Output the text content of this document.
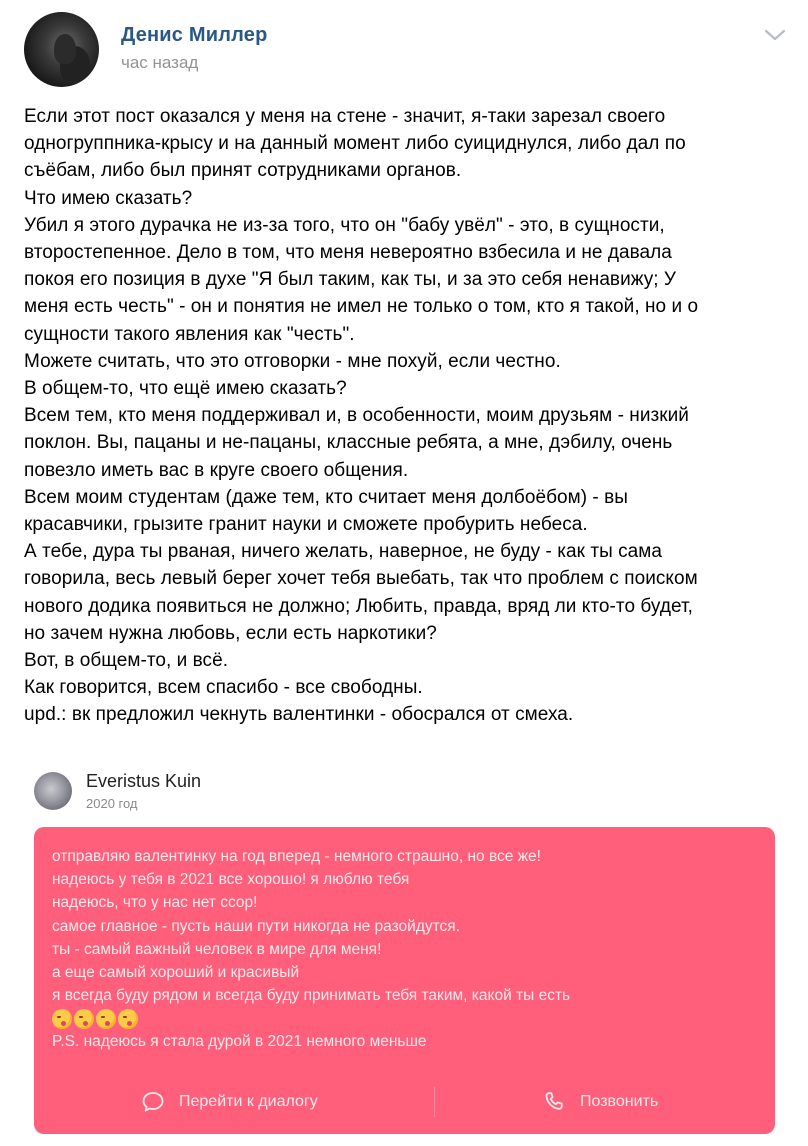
Денис Миллер
час назад
Если этот пост оказался у меня на стене - значит, я-таки зарезал своего
одногруппника-крысу и на данный момент либо суициднулся, либо дал по
съёбам, либо был принят сотрудниками органов.
Что имею сказать?
Убил я этого дурачка не из-за того, что он "бабу увёл" - это, в сущности,
второстепенное. Дело в том, что меня невероятно взбесила и не давала
покоя его позиция в духе "Я был таким, как ты, и за это себя ненавижу; У
меня есть честь" - он и понятия не имел не только о том, кто я такой, но и о
сущности такого явления как "честь".
Можете считать, что это отговорки - мне похуй, если честно.
В общем-то, что ещё имею сказать?
Всем тем, кто меня поддерживал и, в особенности, моим друзьям - низкий
поклон. Вы, пацаны и не-пацаны, классные ребята, а мне, дэбилу, очень
повезло иметь вас в круге своего общения.
Всем моим студентам (даже тем, кто считает меня долбоёбом) - вы
красавчики, грызите гранит науки и сможете пробурить небеса.
А тебе, дура ты рваная, ничего желать, наверное, не буду - как ты сама
говорила, весь левый берег хочет тебя выебать, так что проблем с поиском
нового додика появиться не должно; Любить, правда, вряд ли кто-то будет,
но зачем нужна любовь, если есть наркотики?
Вот, в общем-то, и всё.
Как говорится, всем спасибо - все свободны.
upd.: вк предложил чекнуть валентинки - обосрался от смеха.
Everistus Kuin
2020 год
отправляю валентинку на год вперед - немного страшно, но все же!
надеюсь у тебя в 2021 все хорошо! я люблю тебя
надеюсь, что у нас нет ссор!
самое главное - пусть наши пути никогда не разойдутся.
ты - самый важный человек в мире для меня!
а еще самый хороший и красивый
я всегда буду рядом и всегда буду принимать тебя таким, какой ты есть
P.S. надеюсь я стала дурой в 2021 немного меньше
Перейти к диалогу	Позвонить
